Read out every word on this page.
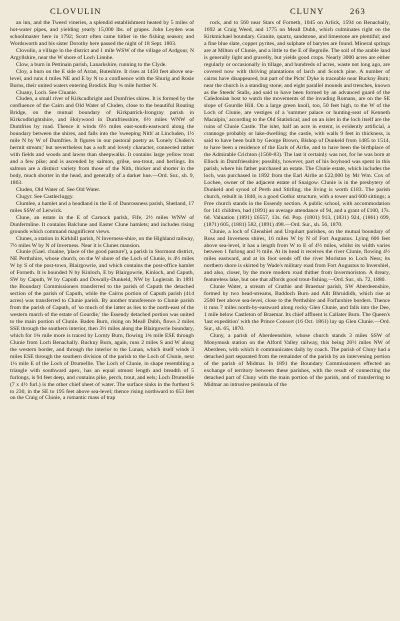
CLOVULIN	CLUNY	263

an inn, and the Tweed vineries, a splendid establishment heated by 5 miles of hot-water pipes, and yielding yearly 15,000 lbs. of grapes. John Leyden was schoolmaster here in 1792; Scott often came hither in the fishing season; and Wordsworth and his sister Dorothy here passed the night of 18 Sept. 1803.

Clovulin, a village in the district and 1 mile WSW of the village of Ardgour, N Argyllshire, near the W shore of Loch Linnhe.

Clow, a burn in Pettinain parish, Lanarkshire, running to the Clyde.

Cloy, a burn on the E side of Arran, Buteshire. It rises at 1450 feet above sea-level, and runs 4 miles NE and E by N to a confluence with the Shurig and Rosie Burns, their united waters entering Brodick Bay ¾ mile further N.

Cluany, Loch. See Cluanie.

Cluden, a small river of Kirkcudbright and Dumfries shires. It is formed by the confluence of the Cairn and Old Water of Cluden, close to the beautiful Routing Bridge, on the mutual boundary of Kirkpatrick-Irongray parish in Kirkcudbrightshire, and Holywood in Dumfriesshire, 6½ miles WNW of Dumfries by road. Thence it winds 6½ miles east-south-eastward along the boundary between the shires, and falls into the 'sweeping Nith' at Lincluden, 1½ mile N by W of Dumfries. It figures in our pastoral poetry as 'Lonely Cluden's hermit stream;' but nevertheless has a soft and lovely character, connected rather with fields and woods and lawns than sheepwalks. It contains large yellow trout and a few pike; and is ascended by salmon, grilse, sea-trout, and herlings. Its salmon are a distinct variety from those of the Nith, thicker and shorter in the body, much shorter in the head, and generally of a darker hue.—Ord. Sur., sh. 9, 1863.

Cluden, Old Water of. See Old Water.

Clugyr. See Castlecluggy.

Clumlee, a hamlet and a headland in the E of Dunrossness parish, Shetland, 17 miles SSW of Lerwick.

Clune, an estate in the E of Carnock parish, Fife, 2½ miles WNW of Dunfermline. It contains Balclune and Easter Clune hamlets; and includes rising grounds which command magnificent views.

Clunes, a station in Kirkhill parish, N Inverness-shire, on the Highland railway, 7½ miles W by N of Inverness. Near it is Clunes mansion.

Clunie (Gael. cluaine, 'place of the good pasture'), a parish in Stormont district, NE Perthshire, whose church, on the W shore of the Loch of Clunie, is 4½ miles W by S of the post-town, Blairgowrie, and which contains the post-office hamlet of Forneth. It is bounded N by Kinloch, E by Blairgowrie, Kinloch, and Caputh, SW by Caputh, W by Caputh and Dowally-Dunkeld, NW by Logierait. In 1891 the Boundary Commissioners transferred to the parish of Caputh the detached section of the parish of Caputh, while the Cairns portion of Caputh parish (414 acres) was transferred to Clunie parish. By another transference to Clunie parish from the parish of Caputh, of 'so much of the latter as lies to the north-east of the western march of the estate of Gourdie,' the Essendy detached portion was united to the main portion of Clunie. Baden Burn, rising on Meall Dubh, flows 2 miles SSE through the southern interior, then 3½ miles along the Blairgowrie boundary, which for 1¾ mile more is traced by Lornty Burn, flowing 1¾ mile ESE through Clunie from Loch Benachally. Buckny Burn, again, runs 2 miles S and W along the western border, and through the interior to the Lunan, which itself winds 3 miles ESE through the southern division of the parish to the Loch of Clunie, next 1¼ mile E of the Loch of Drumellie. The Loch of Clunie, in shape resembling a triangle with southward apex, has an equal utmost length and breadth of 5 furlongs, is 94 feet deep, and contains pike, perch, trout, and eels; Loch Drumellie (7 x 4½ furl.) is the other chief sheet of water. The surface sinks in the furthest S to 230, in the SE to 195 feet above sea-level; thence rising northward to 653 feet on the Craig of Clunie, a romantic mass of trap

rock, and to 560 near Stars of Forneth, 1045 on Arlick, 1594 on Benachally, 1692 at Craig Weed, and 1775 on Meall Dubh, which culminates right on the Kirkmichael boundary. Granite, quartz, sandstone, and limestone are plentiful; and a fine blue slate, copper pyrites, and sulphate of barytes are found. Mineral springs are at Milton of Clunie, and a little to the E of Begmile. The soil of the arable land is generally light and gravelly, but yields good crops. Nearly 3000 acres are either regularly or occasionally in tillage, and hundreds of acres, waste not long ago, are covered now with thriving plantations of larch and Scotch pine. A number of cairns have disappeared, but part of the Picts' Dyke is traceable near Buckny Burn; near the church is a standing stone; and eight parallel mounds and trenches, known as the Steeds' Stalls, and said to have been formed by an advanced guard of the Caledonian host to watch the movements of the invading Romans, are on the SE slope of Gourdie Hill. On a large green knoll, too, 50 feet high, to the W of the Loch of Clunie, are vestiges of a 'summer palace or hunting-seat of Kenneth Macalpin,' according to the Old Statistical; and on an islet in the loch itself are the ruins of Clunie Castle. The islet, half an acre in extent, is evidently artificial, a crannoge probably or lake-dwelling; the castle, with walls 9 feet in thickness, is said to have been built by George Brown, Bishop of Dunkeld from 1485 to 1514, to have been a residence of the Earls of Airlie, and to have been the birthplace of the Admirable Crichton (1560-83). The last it certainly was not, for he was born at Eliock in Dumfriesshire; possibly, however, part of his boyhood was spent in this parish, where his father purchased an estate. The Clunie estate, which includes the loch, was purchased in 1892 from the Earl Airlie at £22,000 by Mr Wm. Cox of Lochee, owner of the adjacent estate of Snaigow. Clunie is in the presbytery of Dunkeld and synod of Perth and Stirling; the living is worth £183. The parish church, rebuilt in 1840, is a good Gothic structure, with a tower and 600 sittings; a Free church stands in the Essendy section. A public school, with accommodation for 141 children, had (1891) an average attendance of 94, and a grant of £100, 17s. 6d. Valuation (1891) £6557, 13s. 6d. Pop. (1801) 913, (1831) 924, (1861) 699, (1871) 605, (1881) 582, (1891) 498.—Ord. Sur., sh. 56, 1870.

Clunie, a loch of Glenshiel and Urquhart parishes, on the mutual boundary of Ross and Inverness shires, 16 miles W by N of Fort Augustus. Lying 606 feet above sea-level, it has a length from W to E of 4½ miles, whilst its width varies between 1 furlong and ½ mile. At its head it receives the river Clunie, flowing 4½ miles eastward, and at its foot sends off the river Moriston to Loch Ness; its northern shore is skirted by Wade's military road from Fort Augustus to Invershiel, and also, closer, by the more modern road thither from Invermoriston. A dreary, featureless lake, but one that affords good trout-fishing.—Ord. Sur., sh. 72, 1880.

Clunie Water, a stream of Crathie and Braemar parish, SW Aberdeenshire, formed by two head-streams, Baddoch Burn and Allt Bhruididh, which rise at 2500 feet above sea-level, close to the Perthshire and Forfarshire borders. Thence it runs 7 miles north-by-eastward along rocky Glen Clunie, and falls into the Dee, 1 mile below Castleton of Braemar. Its chief affluent is Callater Burn. The Queen's 'last expedition' with the Prince Consort (16 Oct. 1861) lay up Glen Clunie.—Ord. Sur., sh. 65, 1870.

Cluny, a parish of Aberdeenshire, whose church stands 3 miles SSW of Monymusk station on the Alford Valley railway, this being 20½ miles NW of Aberdeen, with which it communicates daily by coach. The parish of Cluny had a detached part separated from the remainder of the parish by an intervening portion of the parish of Midmar. In 1891 the Boundary Commissioners effected an exchange of territory between these parishes, with the result of connecting the detached part of Cluny with the main portion of the parish, and of transferring to Midmar an intrusive peninsula of the
